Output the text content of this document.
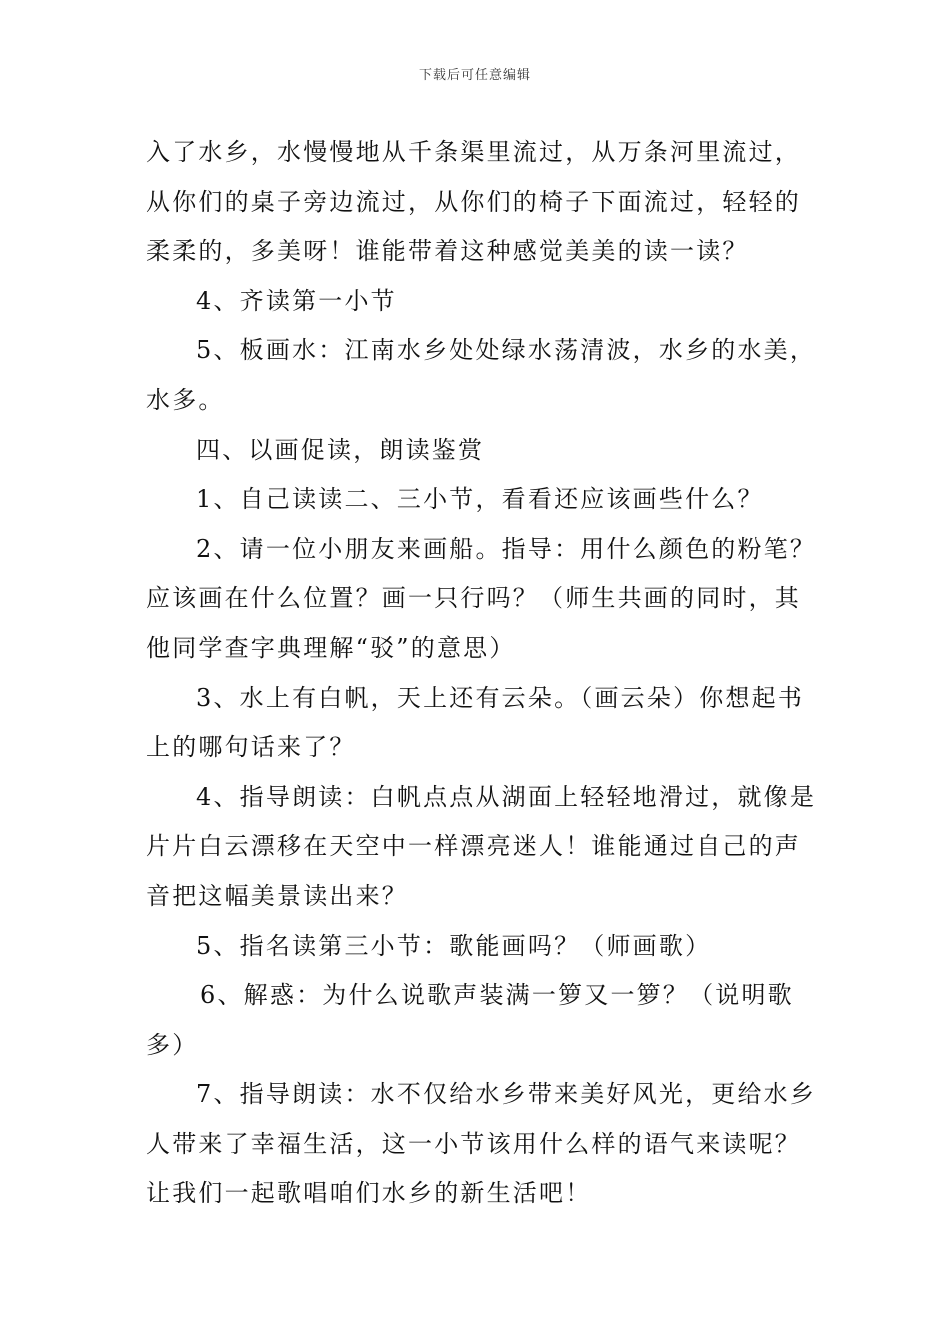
下载后可任意编辑

入了水乡，水慢慢地从千条渠里流过，从万条河里流过，
从你们的桌子旁边流过，从你们的椅子下面流过，轻轻的
柔柔的，多美呀！谁能带着这种感觉美美的读一读？

4、齐读第一小节

5、板画水：江南水乡处处绿水荡清波，水乡的水美，
水多。

四、以画促读，朗读鉴赏

1、自己读读二、三小节，看看还应该画些什么？

2、请一位小朋友来画船。指导：用什么颜色的粉笔？
应该画在什么位置？画一只行吗？（师生共画的同时，其
他同学查字典理解“驳”的意思）

3、水上有白帆，天上还有云朵。（画云朵）你想起书
上的哪句话来了？

4、指导朗读：白帆点点从湖面上轻轻地滑过，就像是
片片白云漂移在天空中一样漂亮迷人！谁能通过自己的声
音把这幅美景读出来？

5、指名读第三小节：歌能画吗？（师画歌）

6、解惑：为什么说歌声装满一箩又一箩？（说明歌
多）

7、指导朗读：水不仅给水乡带来美好风光，更给水乡
人带来了幸福生活，这一小节该用什么样的语气来读呢？
让我们一起歌唱咱们水乡的新生活吧！
